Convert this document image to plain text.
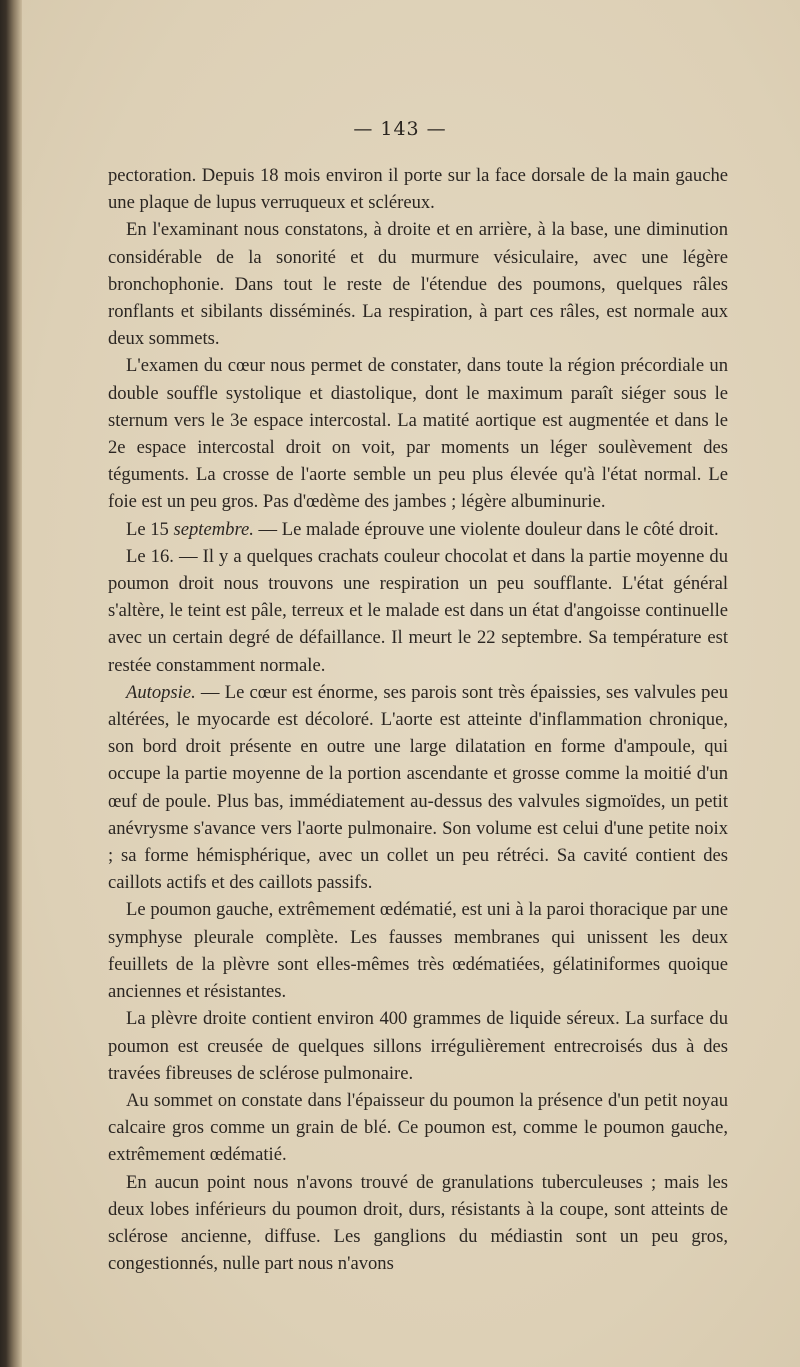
— 143 —

pectoration. Depuis 18 mois environ il porte sur la face dorsale de la main gauche une plaque de lupus verruqueux et scléreux.

En l'examinant nous constatons, à droite et en arrière, à la base, une diminution considérable de la sonorité et du murmure vésiculaire, avec une légère bronchophonie. Dans tout le reste de l'étendue des poumons, quelques râles ronflants et sibilants disséminés. La respiration, à part ces râles, est normale aux deux sommets.

L'examen du cœur nous permet de constater, dans toute la région précordiale un double souffle systolique et diastolique, dont le maximum paraît siéger sous le sternum vers le 3e espace intercostal. La matité aortique est augmentée et dans le 2e espace intercostal droit on voit, par moments un léger soulèvement des téguments. La crosse de l'aorte semble un peu plus élevée qu'à l'état normal. Le foie est un peu gros. Pas d'œdème des jambes ; légère albuminurie.

Le 15 septembre. — Le malade éprouve une violente douleur dans le côté droit.

Le 16. — Il y a quelques crachats couleur chocolat et dans la partie moyenne du poumon droit nous trouvons une respiration un peu soufflante. L'état général s'altère, le teint est pâle, terreux et le malade est dans un état d'angoisse continuelle avec un certain degré de défaillance. Il meurt le 22 septembre. Sa température est restée constamment normale.

Autopsie. — Le cœur est énorme, ses parois sont très épaissies, ses valvules peu altérées, le myocarde est décoloré. L'aorte est atteinte d'inflammation chronique, son bord droit présente en outre une large dilatation en forme d'ampoule, qui occupe la partie moyenne de la portion ascendante et grosse comme la moitié d'un œuf de poule. Plus bas, immédiatement au-dessus des valvules sigmoïdes, un petit anévrysme s'avance vers l'aorte pulmonaire. Son volume est celui d'une petite noix ; sa forme hémisphérique, avec un collet un peu rétréci. Sa cavité contient des caillots actifs et des caillots passifs.

Le poumon gauche, extrêmement œdématié, est uni à la paroi thoracique par une symphyse pleurale complète. Les fausses membranes qui unissent les deux feuillets de la plèvre sont elles-mêmes très œdématiées, gélatiniformes quoique anciennes et résistantes.

La plèvre droite contient environ 400 grammes de liquide séreux. La surface du poumon est creusée de quelques sillons irrégulièrement entrecroisés dus à des travées fibreuses de sclérose pulmonaire.

Au sommet on constate dans l'épaisseur du poumon la présence d'un petit noyau calcaire gros comme un grain de blé. Ce poumon est, comme le poumon gauche, extrêmement œdématié.

En aucun point nous n'avons trouvé de granulations tuberculeuses ; mais les deux lobes inférieurs du poumon droit, durs, résistants à la coupe, sont atteints de sclérose ancienne, diffuse. Les ganglions du médiastin sont un peu gros, congestionnés, nulle part nous n'avons
